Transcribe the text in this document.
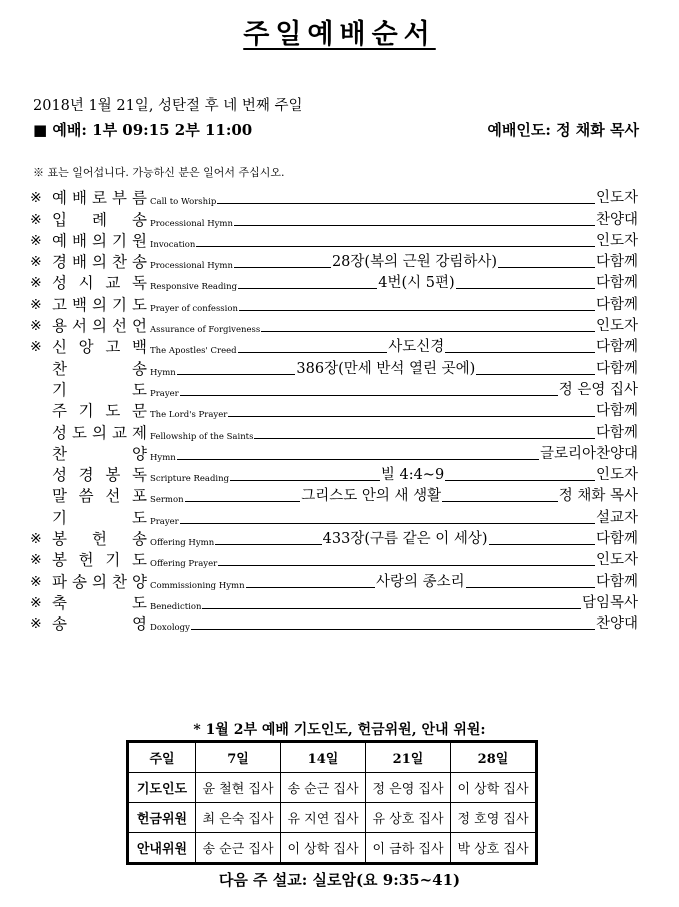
주일예배순서
2018년 1월 21일, 성탄절 후 네 번째 주일
■ 예배: 1부 09:15 2부 11:00	예배인도: 정 채화 목사
※ 표는 일어섭니다. 가능하신 분은 일어서 주십시오.
※ 예 배 로 부 름 Call to Worship	인도자
※ 입 례 송 Processional Hymn	찬양대
※ 예 배 의 기 원 Invocation	인도자
※ 경 배 의 찬 송 Processional Hymn	28장(복의 근원 강림하사)	다함께
※ 성 시 교 독 Responsive Reading	4번(시 5편)	다함께
※ 고 백 의 기 도 Prayer of confession	다함께
※ 용 서 의 선 언 Assurance of Forgiveness	인도자
※ 신 앙 고 백 The Apostles' Creed	사도신경	다함께
찬	송 Hymn	386장(만세 반석 열린 곳에)	다함께
기	도 Prayer	정 은영 집사
주 기 도 문 The Lord's Prayer	다함께
성 도 의 교 제 Fellowship of the Saints	다함께
찬	양 Hymn	글로리아찬양대
성 경 봉 독 Scripture Reading	빌 4:4~9	인도자
말 씀 선 포 Sermon	그리스도 안의 새 생활	정 채화 목사
기	도 Prayer	설교자
※ 봉 헌 송 Offering Hymn	433장(구름 같은 이 세상)	다함께
※ 봉 헌 기 도 Offering Prayer	인도자
※ 파 송 의 찬 양 Commissioning Hymn	사랑의 종소리	다함께
※ 축	도 Benediction	담임목사
※ 송	영 Doxology	찬양대
* 1월 2부 예배 기도인도, 헌금위원, 안내 위원:
주일	7일	14일	21일	28일
기도인도	윤 철현 집사	송 순근 집사	정 은영 집사	이 상학 집사
헌금위원	최 은숙 집사	유 지연 집사	유 상호 집사	정 호영 집사
안내위원	송 순근 집사	이 상학 집사	이 금하 집사	박 상호 집사
다음 주 설교: 실로암(요 9:35~41)
